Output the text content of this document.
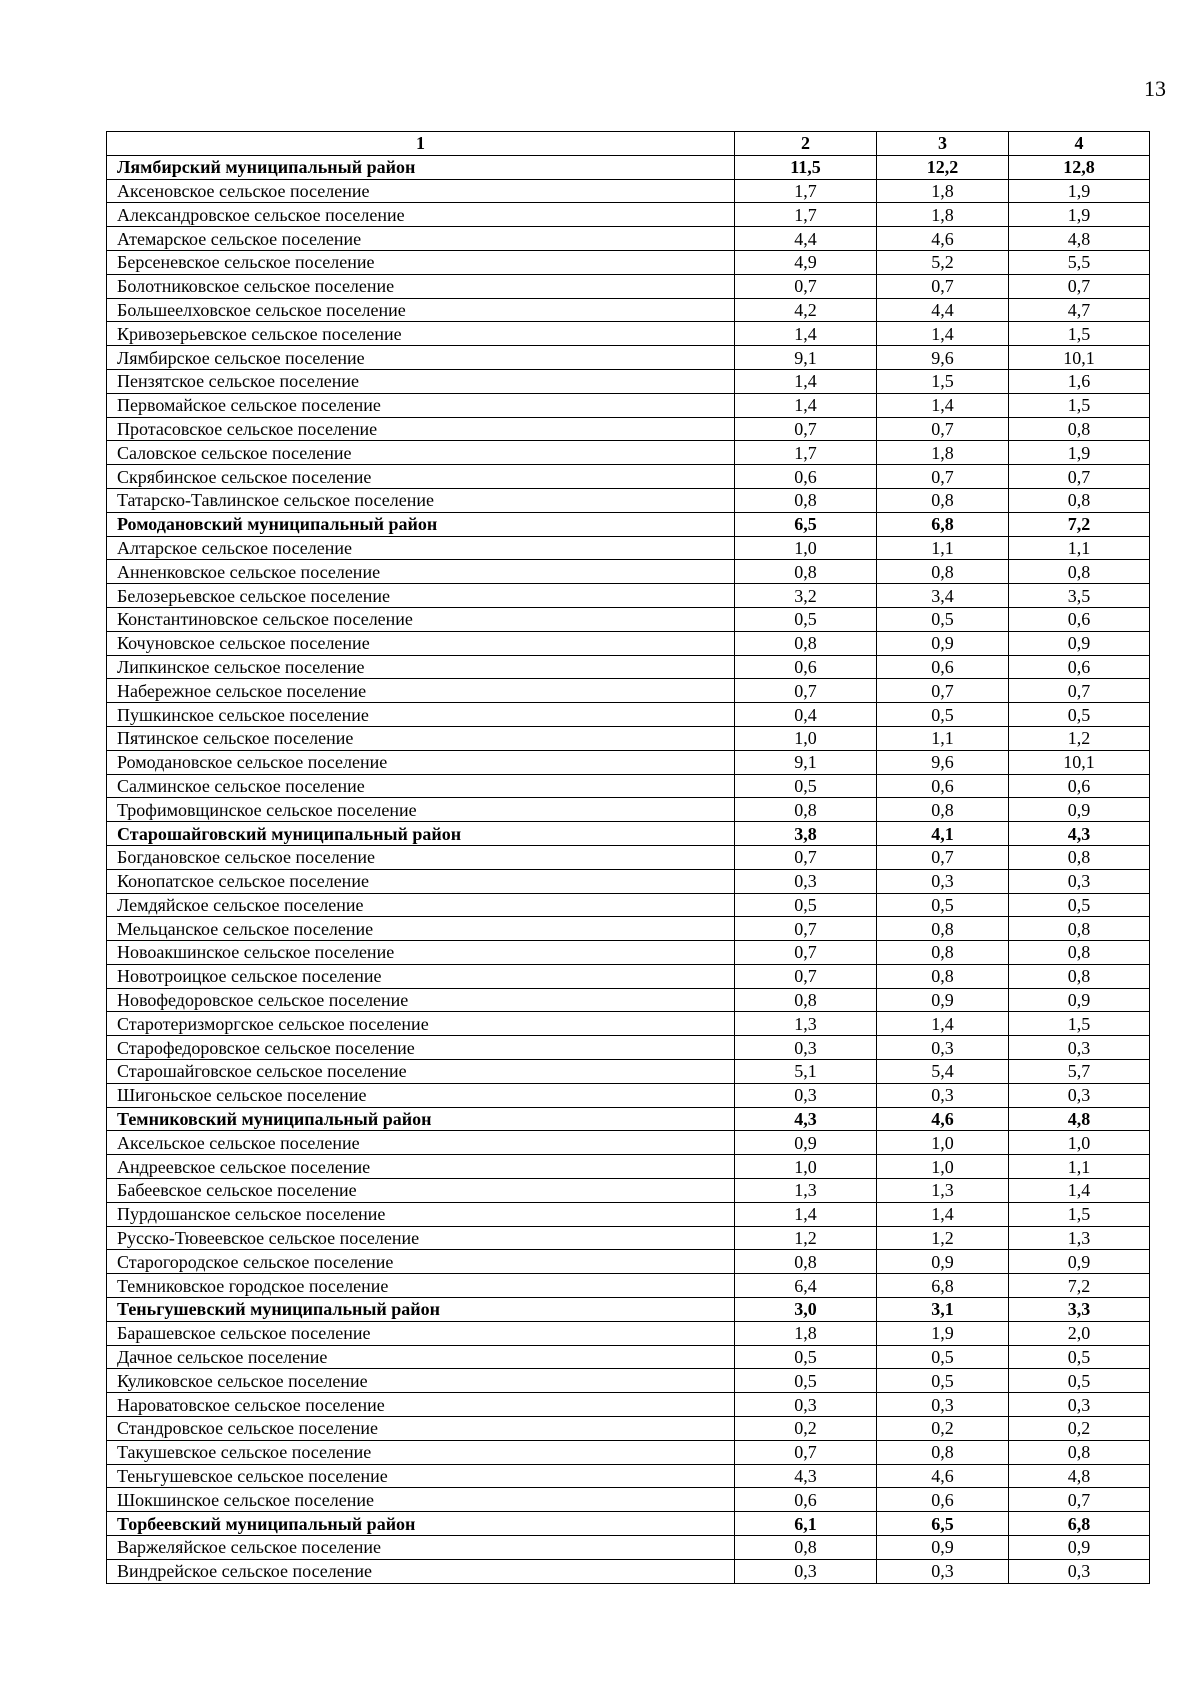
13
1	2	3	4
Лямбирский муниципальный район	11,5	12,2	12,8
Аксеновское сельское поселение	1,7	1,8	1,9
Александровское сельское поселение	1,7	1,8	1,9
Атемарское сельское поселение	4,4	4,6	4,8
Берсеневское сельское поселение	4,9	5,2	5,5
Болотниковское сельское поселение	0,7	0,7	0,7
Большеелховское сельское поселение	4,2	4,4	4,7
Кривозерьевское сельское поселение	1,4	1,4	1,5
Лямбирское сельское поселение	9,1	9,6	10,1
Пензятское сельское поселение	1,4	1,5	1,6
Первомайское сельское поселение	1,4	1,4	1,5
Протасовское сельское поселение	0,7	0,7	0,8
Саловское сельское поселение	1,7	1,8	1,9
Скрябинское сельское поселение	0,6	0,7	0,7
Татарско-Тавлинское сельское поселение	0,8	0,8	0,8
Ромодановский муниципальный район	6,5	6,8	7,2
Алтарское сельское поселение	1,0	1,1	1,1
Анненковское сельское поселение	0,8	0,8	0,8
Белозерьевское сельское поселение	3,2	3,4	3,5
Константиновское сельское поселение	0,5	0,5	0,6
Кочуновское сельское поселение	0,8	0,9	0,9
Липкинское сельское поселение	0,6	0,6	0,6
Набережное сельское поселение	0,7	0,7	0,7
Пушкинское сельское поселение	0,4	0,5	0,5
Пятинское сельское поселение	1,0	1,1	1,2
Ромодановское сельское поселение	9,1	9,6	10,1
Салминское сельское поселение	0,5	0,6	0,6
Трофимовщинское сельское поселение	0,8	0,8	0,9
Старошайговский муниципальный район	3,8	4,1	4,3
Богдановское сельское поселение	0,7	0,7	0,8
Конопатское сельское поселение	0,3	0,3	0,3
Лемдяйское сельское поселение	0,5	0,5	0,5
Мельцанское сельское поселение	0,7	0,8	0,8
Новоакшинское сельское поселение	0,7	0,8	0,8
Новотроицкое сельское поселение	0,7	0,8	0,8
Новофедоровское сельское поселение	0,8	0,9	0,9
Старотеризморгское сельское поселение	1,3	1,4	1,5
Старофедоровское сельское поселение	0,3	0,3	0,3
Старошайговское сельское поселение	5,1	5,4	5,7
Шигоньское сельское поселение	0,3	0,3	0,3
Темниковский муниципальный район	4,3	4,6	4,8
Аксельское сельское поселение	0,9	1,0	1,0
Андреевское сельское поселение	1,0	1,0	1,1
Бабеевское сельское поселение	1,3	1,3	1,4
Пурдошанское сельское поселение	1,4	1,4	1,5
Русско-Тювеевское сельское поселение	1,2	1,2	1,3
Старогородское сельское поселение	0,8	0,9	0,9
Темниковское городское поселение	6,4	6,8	7,2
Теньгушевский муниципальный район	3,0	3,1	3,3
Барашевское сельское поселение	1,8	1,9	2,0
Дачное сельское поселение	0,5	0,5	0,5
Куликовское сельское поселение	0,5	0,5	0,5
Нароватовское сельское поселение	0,3	0,3	0,3
Стандровское сельское поселение	0,2	0,2	0,2
Такушевское сельское поселение	0,7	0,8	0,8
Теньгушевское сельское поселение	4,3	4,6	4,8
Шокшинское сельское поселение	0,6	0,6	0,7
Торбеевский муниципальный район	6,1	6,5	6,8
Варжеляйское сельское поселение	0,8	0,9	0,9
Виндрейское сельское поселение	0,3	0,3	0,3
